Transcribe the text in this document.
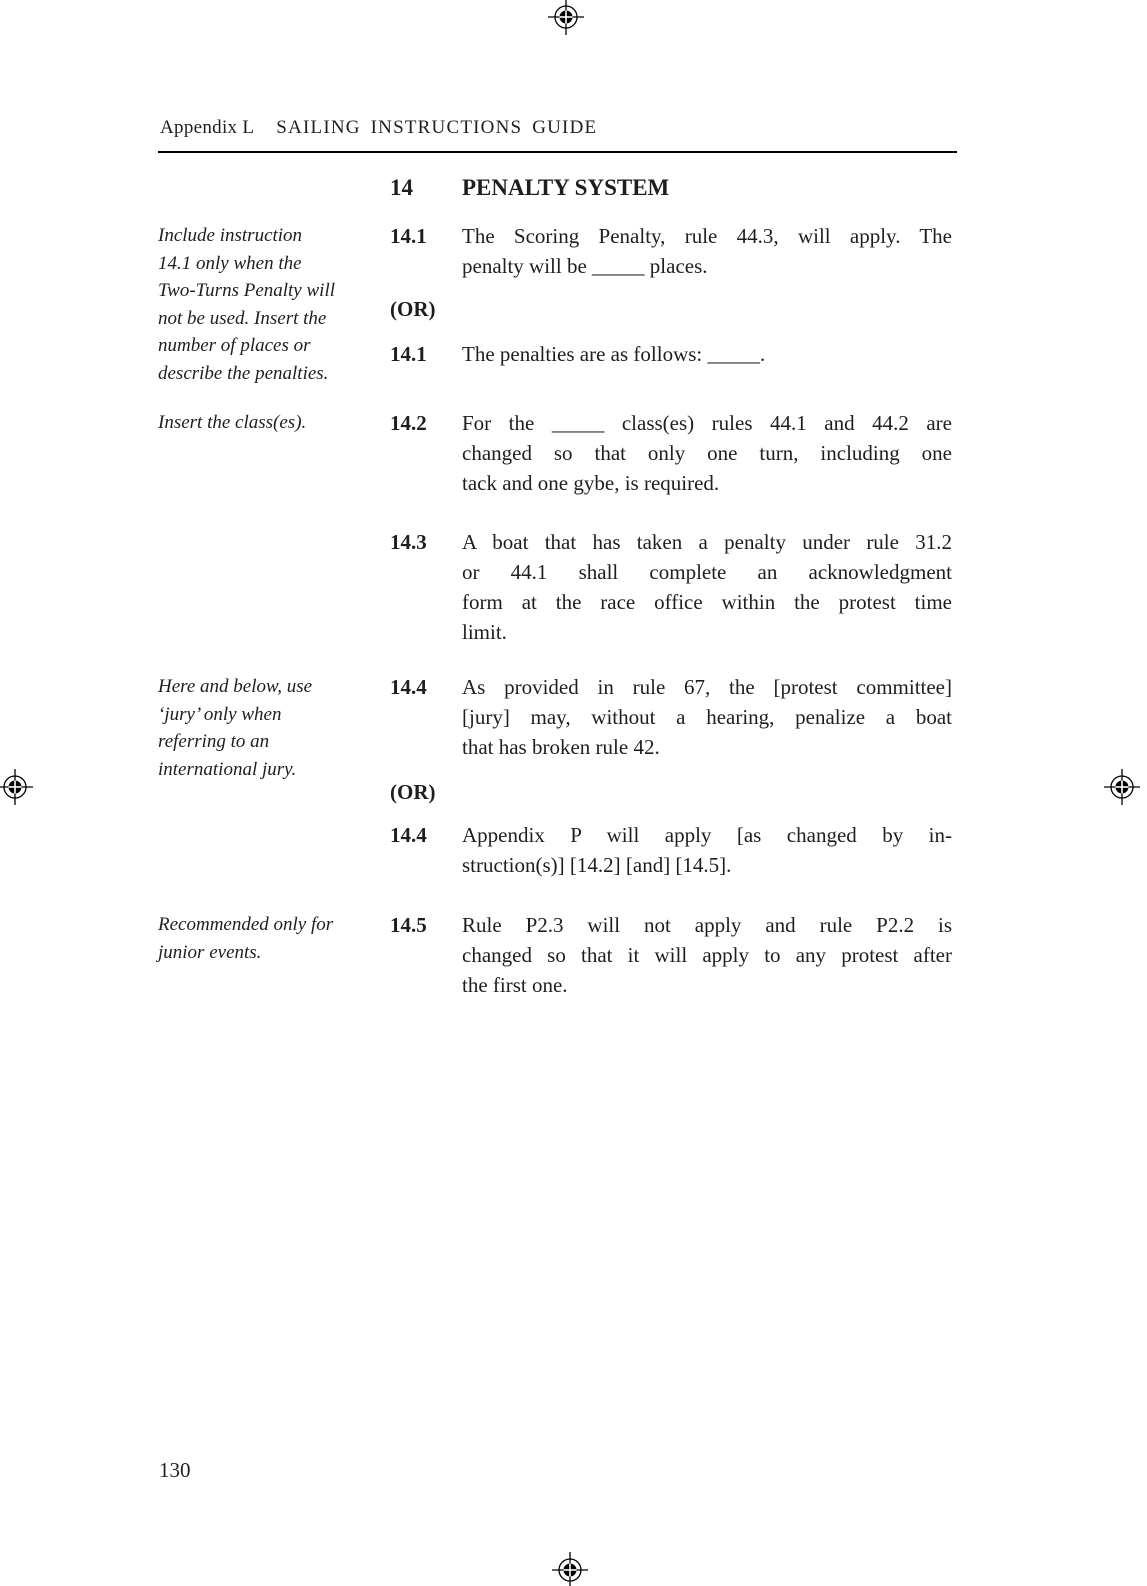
Appendix L SAILING INSTRUCTIONS GUIDE
14	PENALTY SYSTEM
14.1	The Scoring Penalty, rule 44.3, will apply. The
penalty will be _____ places.
(OR)
14.1	The penalties are as follows: _____.
14.2	For the _____ class(es) rules 44.1 and 44.2 are
changed so that only one turn, including one
tack and one gybe, is required.
14.3	A boat that has taken a penalty under rule 31.2
or 44.1 shall complete an acknowledgment
form at the race office within the protest time
limit.
14.4	As provided in rule 67, the [protest committee]
[jury] may, without a hearing, penalize a boat
that has broken rule 42.
(OR)
14.4	Appendix P will apply [as changed by in-
struction(s)] [14.2] [and] [14.5].
14.5	Rule P2.3 will not apply and rule P2.2 is
changed so that it will apply to any protest after
the first one.
Include instruction
14.1 only when the
Two-Turns Penalty will
not be used. Insert the
number of places or
describe the penalties.
Insert the class(es).
Here and below, use
‘jury’ only when
referring to an
international jury.
Recommended only for
junior events.
130
